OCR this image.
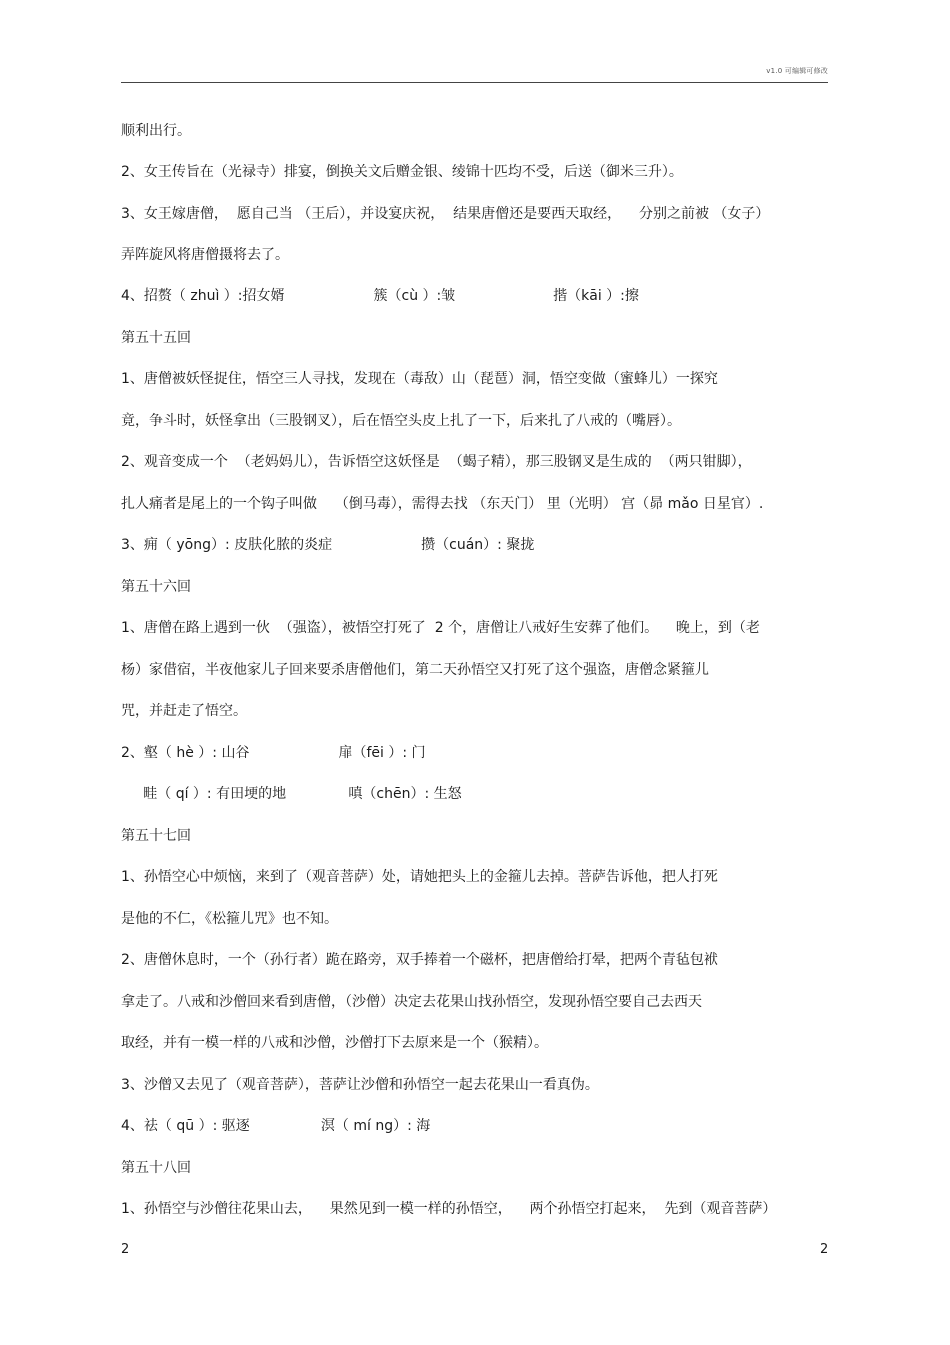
v1.0 可编辑可修改
顺利出行。
2、女王传旨在（光禄寺）排宴，倒换关文后赠金银、绫锦十匹均不受，后送（御米三升）。
3、女王嫁唐僧，  愿自己当 （王后），并设宴庆祝，  结果唐僧还是要西天取经，    分别之前被 （女子）
弄阵旋风将唐僧摄将去了。
4、招赘（ zhuì ）:招女婿                    簇（cù ）:皱                      揩（kāi ）:擦
第五十五回
1、唐僧被妖怪捉住，悟空三人寻找，发现在（毒敌）山（琵琶）洞，悟空变做（蜜蜂儿）一探究
竟，争斗时，妖怪拿出（三股钢叉），后在悟空头皮上扎了一下，后来扎了八戒的（嘴唇）。
2、观音变成一个  （老妈妈儿），告诉悟空这妖怪是  （蝎子精），那三股钢叉是生成的  （两只钳脚），
扎人痛者是尾上的一个钩子叫做    （倒马毒），需得去找 （东天门） 里（光明） 宫（昴 mǎo 日星官）.
3、痈（ yōng）: 皮肤化脓的炎症                    攒（cuán）: 聚拢
第五十六回
1、唐僧在路上遇到一伙  （强盗），被悟空打死了  2 个，唐僧让八戒好生安葬了他们。    晚上，到（老
杨）家借宿，半夜他家儿子回来要杀唐僧他们，第二天孙悟空又打死了这个强盗，唐僧念紧箍儿
咒，并赶走了悟空。
2、壑（ hè ）: 山谷                    扉（fēi ）: 门
畦（ qí ）: 有田埂的地              嗔（chēn）: 生怒
第五十七回
1、孙悟空心中烦恼，来到了（观音菩萨）处，请她把头上的金箍儿去掉。菩萨告诉他，把人打死
是他的不仁，《松箍儿咒》也不知。
2、唐僧休息时，一个（孙行者）跪在路旁，双手捧着一个磁杯，把唐僧给打晕，把两个青毡包袱
拿走了。八戒和沙僧回来看到唐僧，（沙僧）决定去花果山找孙悟空，发现孙悟空要自己去西天
取经，并有一模一样的八戒和沙僧，沙僧打下去原来是一个（猴精）。
3、沙僧又去见了（观音菩萨），菩萨让沙僧和孙悟空一起去花果山一看真伪。
4、祛（ qū ）: 驱逐                溟（ mí ng）: 海
第五十八回
1、孙悟空与沙僧往花果山去，    果然见到一模一样的孙悟空，    两个孙悟空打起来，  先到（观音菩萨）
2	2
